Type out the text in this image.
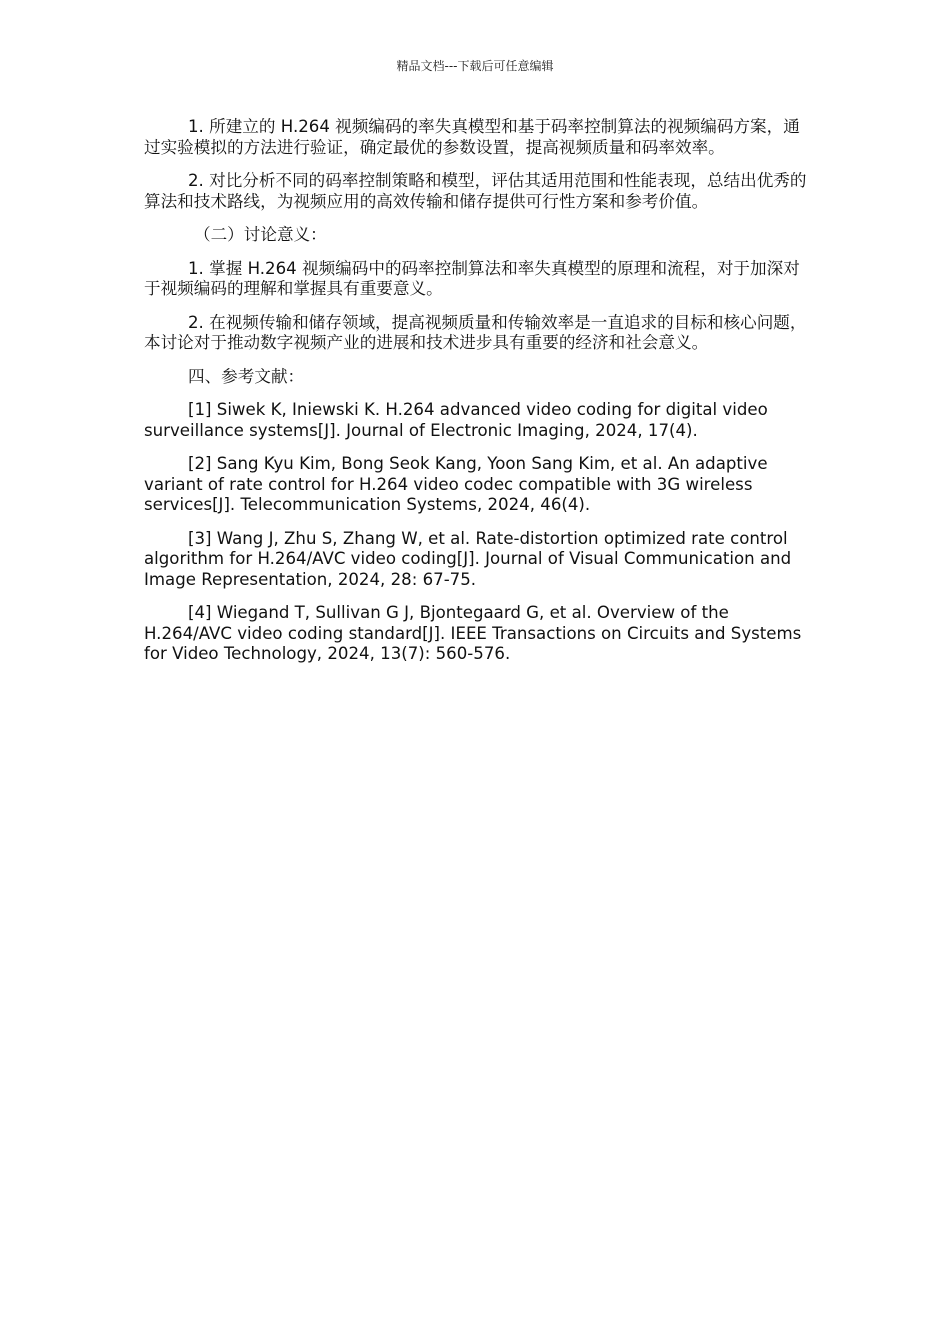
精品文档---下载后可任意编辑

1. 所建立的 H.264 视频编码的率失真模型和基于码率控制算法的视频编码方案，通过实验模拟的方法进行验证，确定最优的参数设置，提高视频质量和码率效率。

2. 对比分析不同的码率控制策略和模型，评估其适用范围和性能表现，总结出优秀的算法和技术路线，为视频应用的高效传输和储存提供可行性方案和参考价值。

（二）讨论意义：

1. 掌握 H.264 视频编码中的码率控制算法和率失真模型的原理和流程，对于加深对于视频编码的理解和掌握具有重要意义。

2. 在视频传输和储存领域，提高视频质量和传输效率是一直追求的目标和核心问题，本讨论对于推动数字视频产业的进展和技术进步具有重要的经济和社会意义。

四、参考文献：

[1] Siwek K, Iniewski K. H.264 advanced video coding for digital video surveillance systems[J]. Journal of Electronic Imaging, 2024, 17(4).

[2] Sang Kyu Kim, Bong Seok Kang, Yoon Sang Kim, et al. An adaptive variant of rate control for H.264 video codec compatible with 3G wireless services[J]. Telecommunication Systems, 2024, 46(4).

[3] Wang J, Zhu S, Zhang W, et al. Rate-distortion optimized rate control algorithm for H.264/AVC video coding[J]. Journal of Visual Communication and Image Representation, 2024, 28: 67-75.

[4] Wiegand T, Sullivan G J, Bjontegaard G, et al. Overview of the H.264/AVC video coding standard[J]. IEEE Transactions on Circuits and Systems for Video Technology, 2024, 13(7): 560-576.
